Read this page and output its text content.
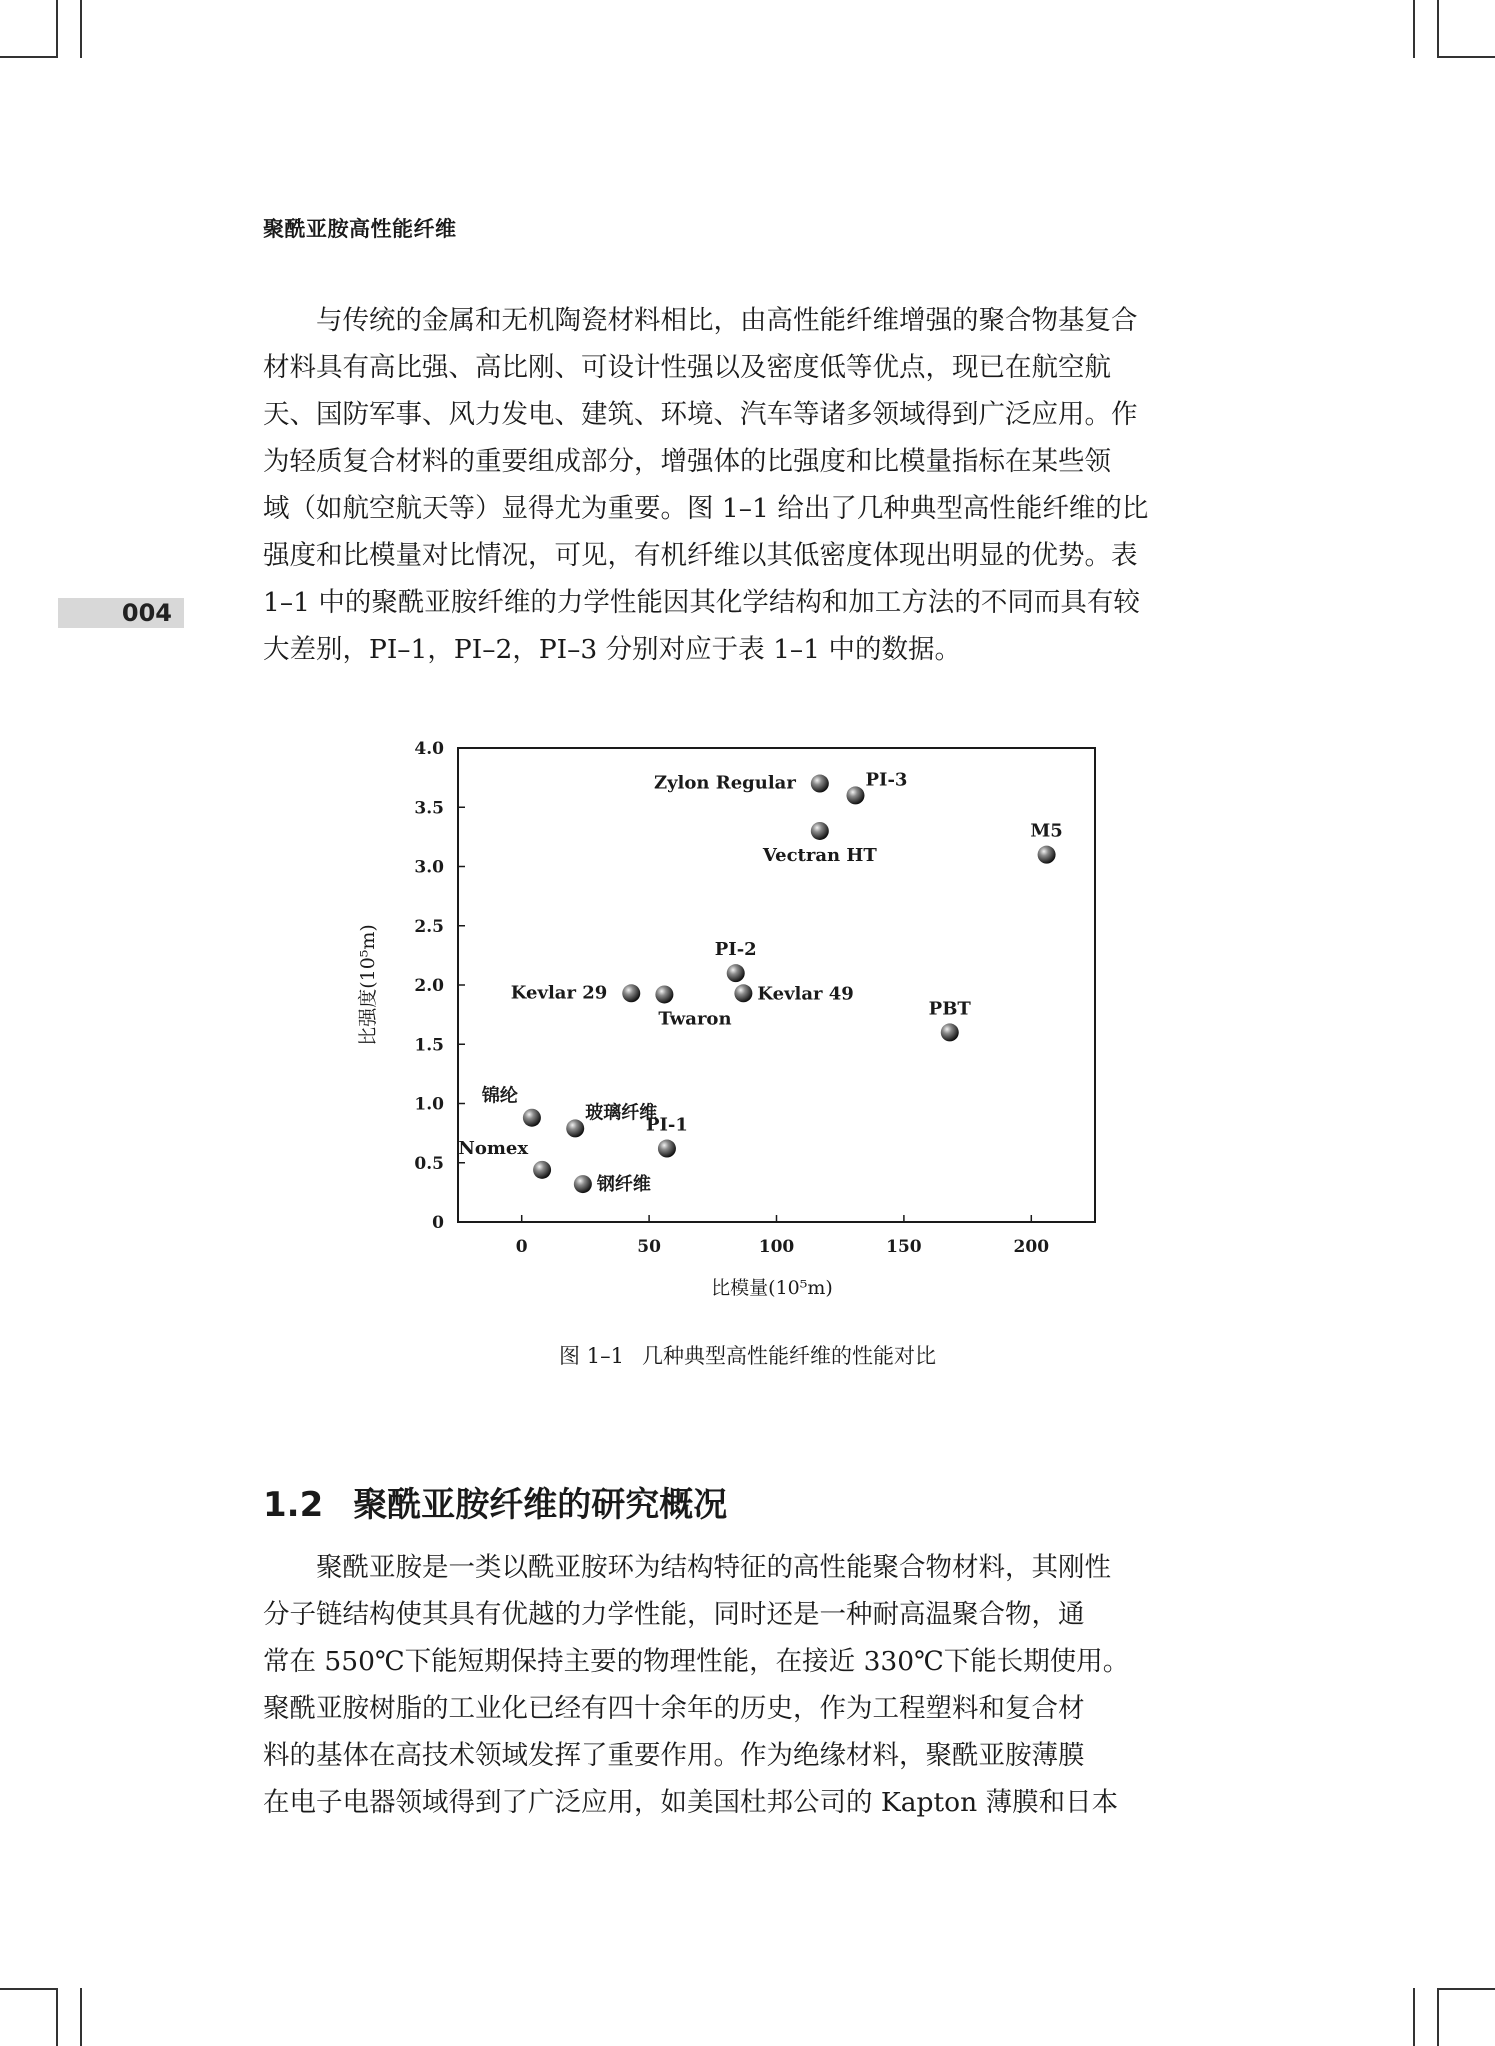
聚酰亚胺高性能纤维
004
与传统的金属和无机陶瓷材料相比，由高性能纤维增强的聚合物基复合
材料具有高比强、高比刚、可设计性强以及密度低等优点，现已在航空航
天、国防军事、风力发电、建筑、环境、汽车等诸多领域得到广泛应用。作
为轻质复合材料的重要组成部分，增强体的比强度和比模量指标在某些领
域（如航空航天等）显得尤为重要。图 1–1 给出了几种典型高性能纤维的比
强度和比模量对比情况，可见，有机纤维以其低密度体现出明显的优势。表
1–1 中的聚酰亚胺纤维的力学性能因其化学结构和加工方法的不同而具有较
大差别，PI–1，PI–2，PI–3 分别对应于表 1–1 中的数据。
0	50	100	150	200
0
0.5
1.0
1.5
2.0
2.5
3.0
3.5
4.0
Zylon Regular	PI-3
Vectran HT
M5
PI-2
Kevlar 29
Twaron
Kevlar 49
PBT
锦纶
玻璃纤维
PI-1
Nomex
钢纤维
比模量(10⁵m)
比强度(10⁵m)
图 1–1 几种典型高性能纤维的性能对比
1.2 聚酰亚胺纤维的研究概况
聚酰亚胺是一类以酰亚胺环为结构特征的高性能聚合物材料，其刚性
分子链结构使其具有优越的力学性能，同时还是一种耐高温聚合物，通
常在 550℃下能短期保持主要的物理性能，在接近 330℃下能长期使用。
聚酰亚胺树脂的工业化已经有四十余年的历史，作为工程塑料和复合材
料的基体在高技术领域发挥了重要作用。作为绝缘材料，聚酰亚胺薄膜
在电子电器领域得到了广泛应用，如美国杜邦公司的 Kapton 薄膜和日本
